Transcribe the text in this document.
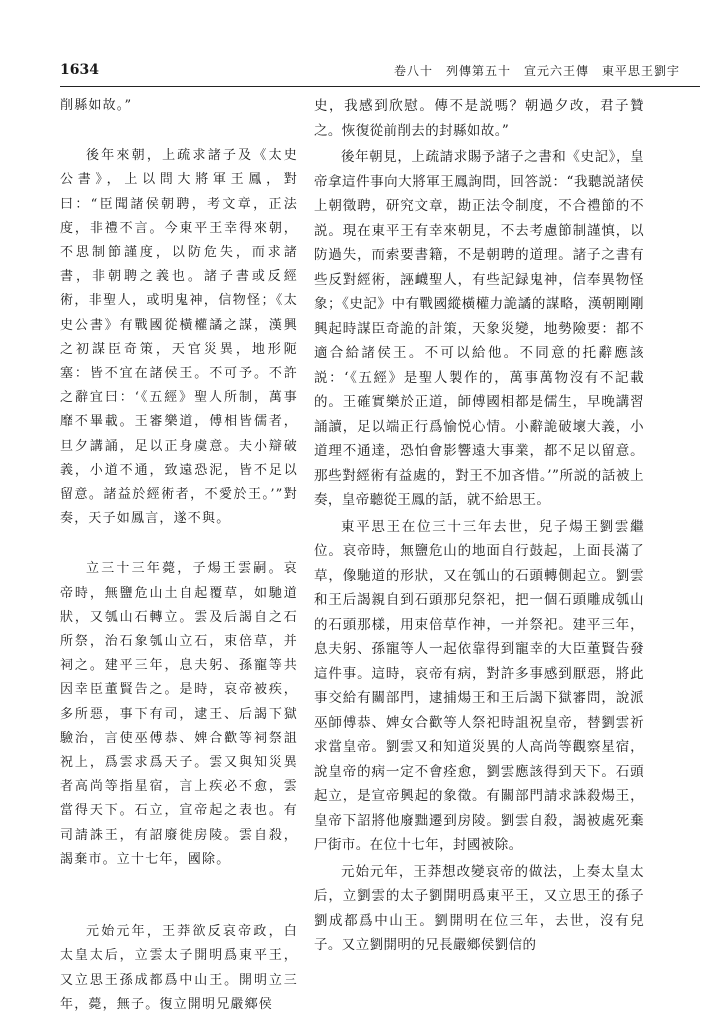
1634	卷八十　列傳第五十　宣元六王傳　東平思王劉宇

削縣如故。”

後年來朝，上疏求諸子及《太史公書》，上以問大將軍王鳳，對曰：“臣聞諸侯朝聘，考文章，正法度，非禮不言。今東平王幸得來朝，不思制節謹度，以防危失，而求諸書，非朝聘之義也。諸子書或反經術，非聖人，或明鬼神，信物怪；《太史公書》有戰國從橫權譎之謀，漢興之初謀臣奇策，天官災異，地形阨塞：皆不宜在諸侯王。不可予。不許之辭宜曰：‘《五經》聖人所制，萬事靡不畢載。王審樂道，傅相皆儒者，旦夕講誦，足以正身虞意。夫小辯破義，小道不通，致遠恐泥，皆不足以留意。諸益於經術者，不愛於王。’”對奏，天子如鳳言，遂不與。

立三十三年薨，子煬王雲嗣。哀帝時，無鹽危山土自起覆草，如馳道狀，又瓠山石轉立。雲及后謁自之石所祭，治石象瓠山立石，束倍草，并祠之。建平三年，息夫躬、孫寵等共因幸臣董賢告之。是時，哀帝被疾，多所惡，事下有司，逮王、后謁下獄驗治，言使巫傅恭、婢合歡等祠祭詛祝上，爲雲求爲天子。雲又與知災異者高尚等指星宿，言上疾必不愈，雲當得天下。石立，宣帝起之表也。有司請誅王，有詔廢徙房陵。雲自殺，謁棄市。立十七年，國除。

元始元年，王莽欲反哀帝政，白太皇太后，立雲太子開明爲東平王，又立思王孫成都爲中山王。開明立三年，薨，無子。復立開明兄嚴鄉侯

史，我感到欣慰。傳不是説嗎？朝過夕改，君子贊之。恢復從前削去的封縣如故。”

後年朝見，上疏請求賜予諸子之書和《史記》，皇帝拿這件事向大將軍王鳳詢問，回答説：“我聽説諸侯上朝徵聘，研究文章，勘正法令制度，不合禮節的不説。現在東平王有幸來朝見，不去考慮節制謹慎，以防過失，而索要書籍，不是朝聘的道理。諸子之書有些反對經術，誣衊聖人，有些記録鬼神，信奉異物怪象；《史記》中有戰國縱橫權力詭譎的謀略，漢朝剛剛興起時謀臣奇詭的計策，天象災變，地勢險要：都不適合給諸侯王。不可以給他。不同意的托辭應該説：‘《五經》是聖人製作的，萬事萬物沒有不記載的。王確實樂於正道，師傅國相都是儒生，早晚講習誦讀，足以端正行爲愉悦心情。小辭詭破壞大義，小道理不通達，恐怕會影響遠大事業，都不足以留意。那些對經術有益處的，對王不加吝惜。’”所説的話被上奏，皇帝聽從王鳳的話，就不給思王。

東平思王在位三十三年去世，兒子煬王劉雲繼位。哀帝時，無鹽危山的地面自行鼓起，上面長滿了草，像馳道的形狀，又在瓠山的石頭轉側起立。劉雲和王后謁親自到石頭那兒祭祀，把一個石頭雕成瓠山的石頭那樣，用束倍草作神，一并祭祀。建平三年，息夫躬、孫寵等人一起依靠得到寵幸的大臣董賢告發這件事。這時，哀帝有病，對許多事感到厭惡，將此事交給有關部門，逮捕煬王和王后謁下獄審問，說派巫師傅恭、婢女合歡等人祭祀時詛祝皇帝，替劉雲祈求當皇帝。劉雲又和知道災異的人高尚等觀察星宿，說皇帝的病一定不會痊愈，劉雲應該得到天下。石頭起立，是宣帝興起的象徵。有關部門請求誅殺煬王，皇帝下詔將他廢黜遷到房陵。劉雲自殺，謁被處死棄尸街市。在位十七年，封國被除。

元始元年，王莽想改變哀帝的做法，上奏太皇太后，立劉雲的太子劉開明爲東平王，又立思王的孫子劉成都爲中山王。劉開明在位三年，去世，沒有兒子。又立劉開明的兄長嚴鄉侯劉信的
